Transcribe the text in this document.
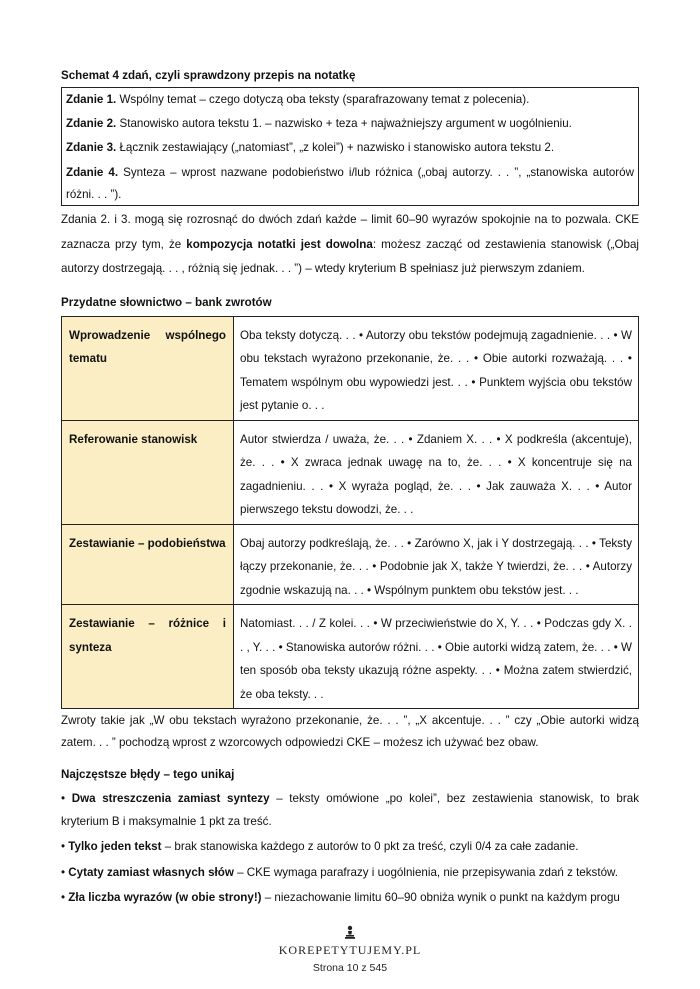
Schemat 4 zdań, czyli sprawdzony przepis na notatkę
Zdanie 1. Wspólny temat – czego dotyczą oba teksty (sparafrazowany temat z polecenia).
Zdanie 2. Stanowisko autora tekstu 1. – nazwisko + teza + najważniejszy argument w uogólnieniu.
Zdanie 3. Łącznik zestawiający („natomiast”, „z kolei”) + nazwisko i stanowisko autora tekstu 2.
Zdanie 4. Synteza – wprost nazwane podobieństwo i/lub różnica („obaj autorzy. . . ”, „stanowiska autorów różni. . . ”).
Zdania 2. i 3. mogą się rozrosnąć do dwóch zdań każde – limit 60–90 wyrazów spokojnie na to pozwala. CKE zaznacza przy tym, że kompozycja notatki jest dowolna: możesz zacząć od zestawienia stanowisk („Obaj autorzy dostrzegają. . . , różnią się jednak. . . ”) – wtedy kryterium B spełniasz już pierwszym zdaniem.
Przydatne słownictwo – bank zwrotów
Wprowadzenie wspólnego tematu	Oba teksty dotyczą. . . • Autorzy obu tekstów podejmują zagadnienie. . . • W obu tekstach wyrażono przekonanie, że. . . • Obie autorki rozważają. . . • Tematem wspólnym obu wypowiedzi jest. . . • Punktem wyjścia obu tekstów jest pytanie o. . .
Referowanie stanowisk	Autor stwierdza / uważa, że. . . • Zdaniem X. . . • X podkreśla (akcentuje), że. . . • X zwraca jednak uwagę na to, że. . . • X koncentruje się na zagadnieniu. . . • X wyraża pogląd, że. . . • Jak zauważa X. . . • Autor pierwszego tekstu dowodzi, że. . .
Zestawianie – podobieństwa	Obaj autorzy podkreślają, że. . . • Zarówno X, jak i Y dostrzegają. . . • Teksty łączy przekonanie, że. . . • Podobnie jak X, także Y twierdzi, że. . . • Autorzy zgodnie wskazują na. . . • Wspólnym punktem obu tekstów jest. . .
Zestawianie – różnice i synteza	Natomiast. . . / Z kolei. . . • W przeciwieństwie do X, Y. . . • Podczas gdy X. . . , Y. . . • Stanowiska autorów różni. . . • Obie autorki widzą zatem, że. . . • W ten sposób oba teksty ukazują różne aspekty. . . • Można zatem stwierdzić, że oba teksty. . .
Zwroty takie jak „W obu tekstach wyrażono przekonanie, że. . . ”, „X akcentuje. . . ” czy „Obie autorki widzą zatem. . . ” pochodzą wprost z wzorcowych odpowiedzi CKE – możesz ich używać bez obaw.
Najczęstsze błędy – tego unikaj
• Dwa streszczenia zamiast syntezy – teksty omówione „po kolei”, bez zestawienia stanowisk, to brak kryterium B i maksymalnie 1 pkt za treść.
• Tylko jeden tekst – brak stanowiska każdego z autorów to 0 pkt za treść, czyli 0/4 za całe zadanie.
• Cytaty zamiast własnych słów – CKE wymaga parafrazy i uogólnienia, nie przepisywania zdań z tekstów.
• Zła liczba wyrazów (w obie strony!) – niezachowanie limitu 60–90 obniża wynik o punkt na każdym progu
KOREPETYTUJEMY.PL
Strona 10 z 545
